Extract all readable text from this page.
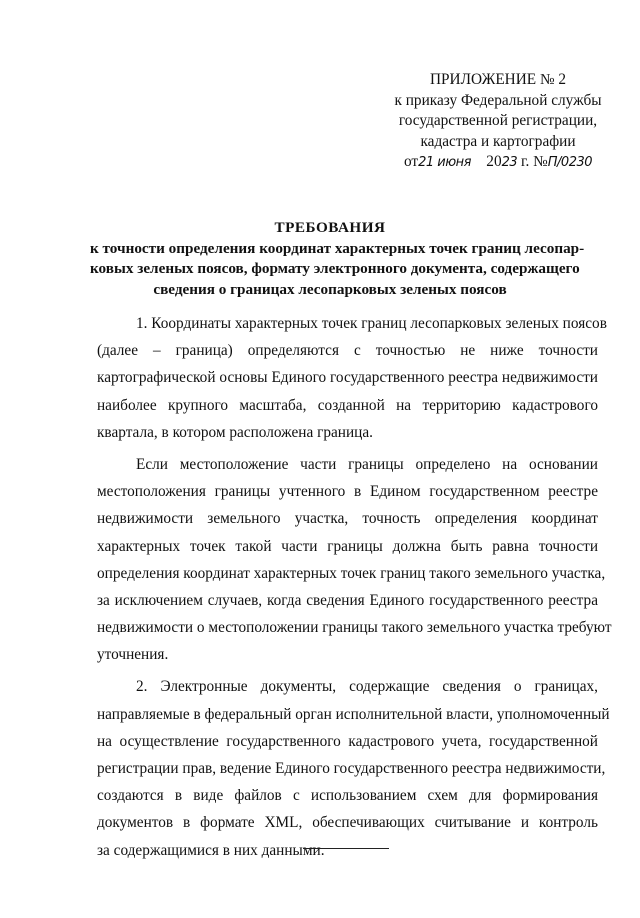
ПРИЛОЖЕНИЕ № 2
к приказу Федеральной службы
государственной регистрации,
кадастра и картографии
от21 июня 2023 г. №П/0230
ТРЕБОВАНИЯ
к точности определения координат характерных точек границ лесопар-
ковых зеленых поясов, формату электронного документа, содержащего
сведения о границах лесопарковых зеленых поясов
1. Координаты характерных точек границ лесопарковых зеленых поясов
(далее – граница) определяются с точностью не ниже точности
картографической основы Единого государственного реестра недвижимости
наиболее крупного масштаба, созданной на территорию кадастрового
квартала, в котором расположена граница.
Если местоположение части границы определено на основании
местоположения границы учтенного в Едином государственном реестре
недвижимости земельного участка, точность определения координат
характерных точек такой части границы должна быть равна точности
определения координат характерных точек границ такого земельного участка,
за исключением случаев, когда сведения Единого государственного реестра
недвижимости о местоположении границы такого земельного участка требуют
уточнения.
2. Электронные документы, содержащие сведения о границах,
направляемые в федеральный орган исполнительной власти, уполномоченный
на осуществление государственного кадастрового учета, государственной
регистрации прав, ведение Единого государственного реестра недвижимости,
создаются в виде файлов с использованием схем для формирования
документов в формате XML, обеспечивающих считывание и контроль
за содержащимися в них данными.
